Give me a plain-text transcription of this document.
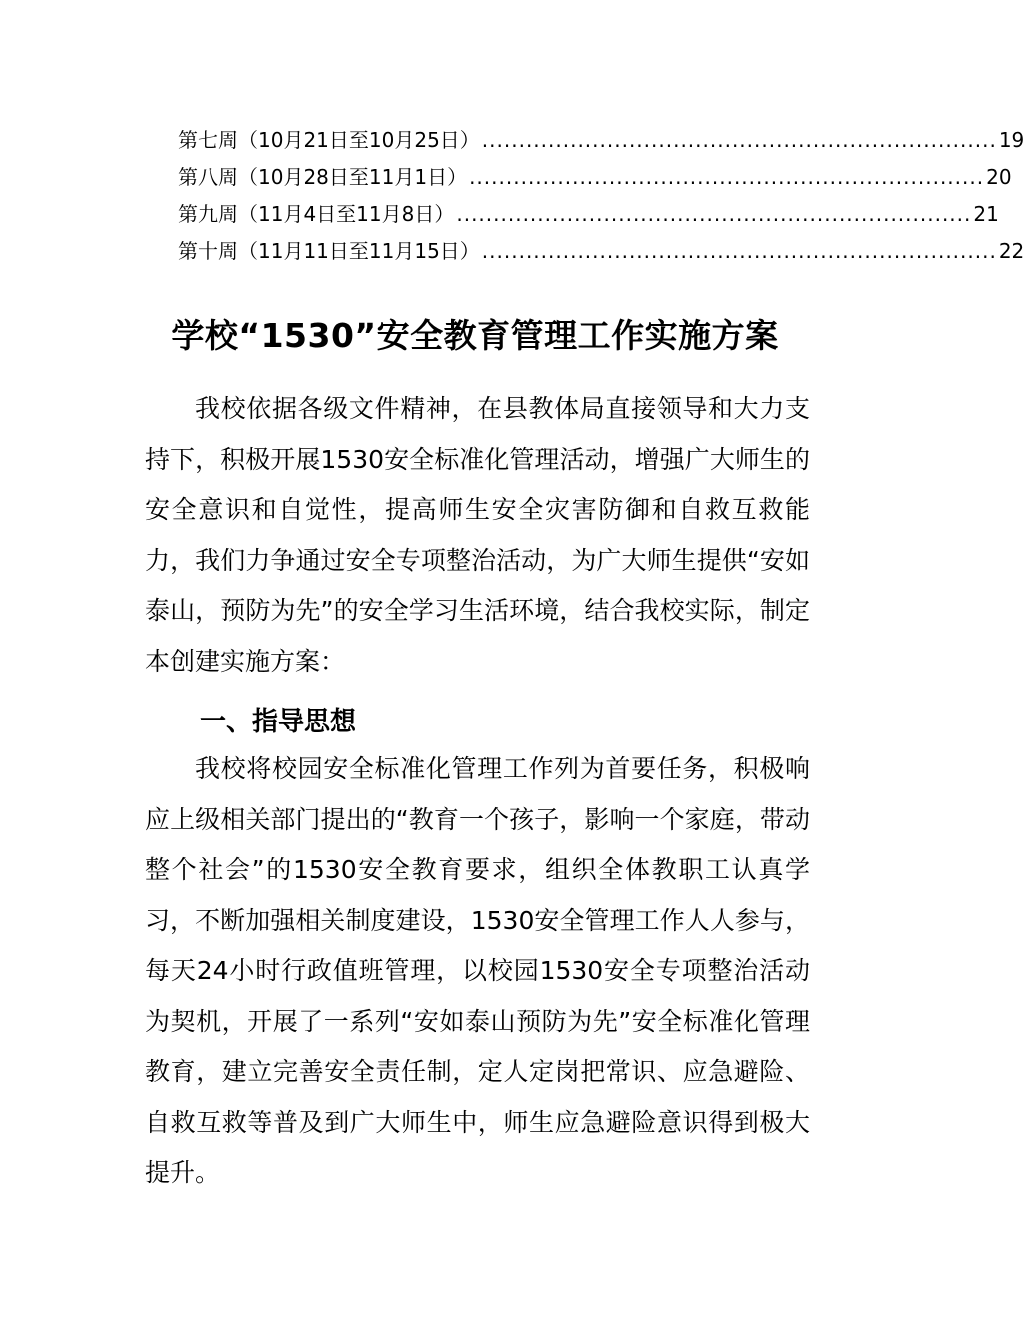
第七周（10月21日至10月25日） ...................................................................... 19
第八周（10月28日至11月1日） ...................................................................... 20
第九周（11月4日至11月8日） ...................................................................... 21
第十周（11月11日至11月15日） ...................................................................... 22
学校“1530”安全教育管理工作实施方案
我校依据各级文件精神，在县教体局直接领导和大力支持下，积极开展1530安全标准化管理活动，增强广大师生的安全意识和自觉性，提高师生安全灾害防御和自救互救能力，我们力争通过安全专项整治活动，为广大师生提供“安如泰山，预防为先”的安全学习生活环境，结合我校实际，制定本创建实施方案：
一、指导思想
我校将校园安全标准化管理工作列为首要任务，积极响应上级相关部门提出的“教育一个孩子，影响一个家庭，带动整个社会”的1530安全教育要求，组织全体教职工认真学习，不断加强相关制度建设，1530安全管理工作人人参与，每天24小时行政值班管理，以校园1530安全专项整治活动为契机，开展了一系列“安如泰山预防为先”安全标准化管理教育，建立完善安全责任制，定人定岗把常识、应急避险、自救互救等普及到广大师生中，师生应急避险意识得到极大提升。
